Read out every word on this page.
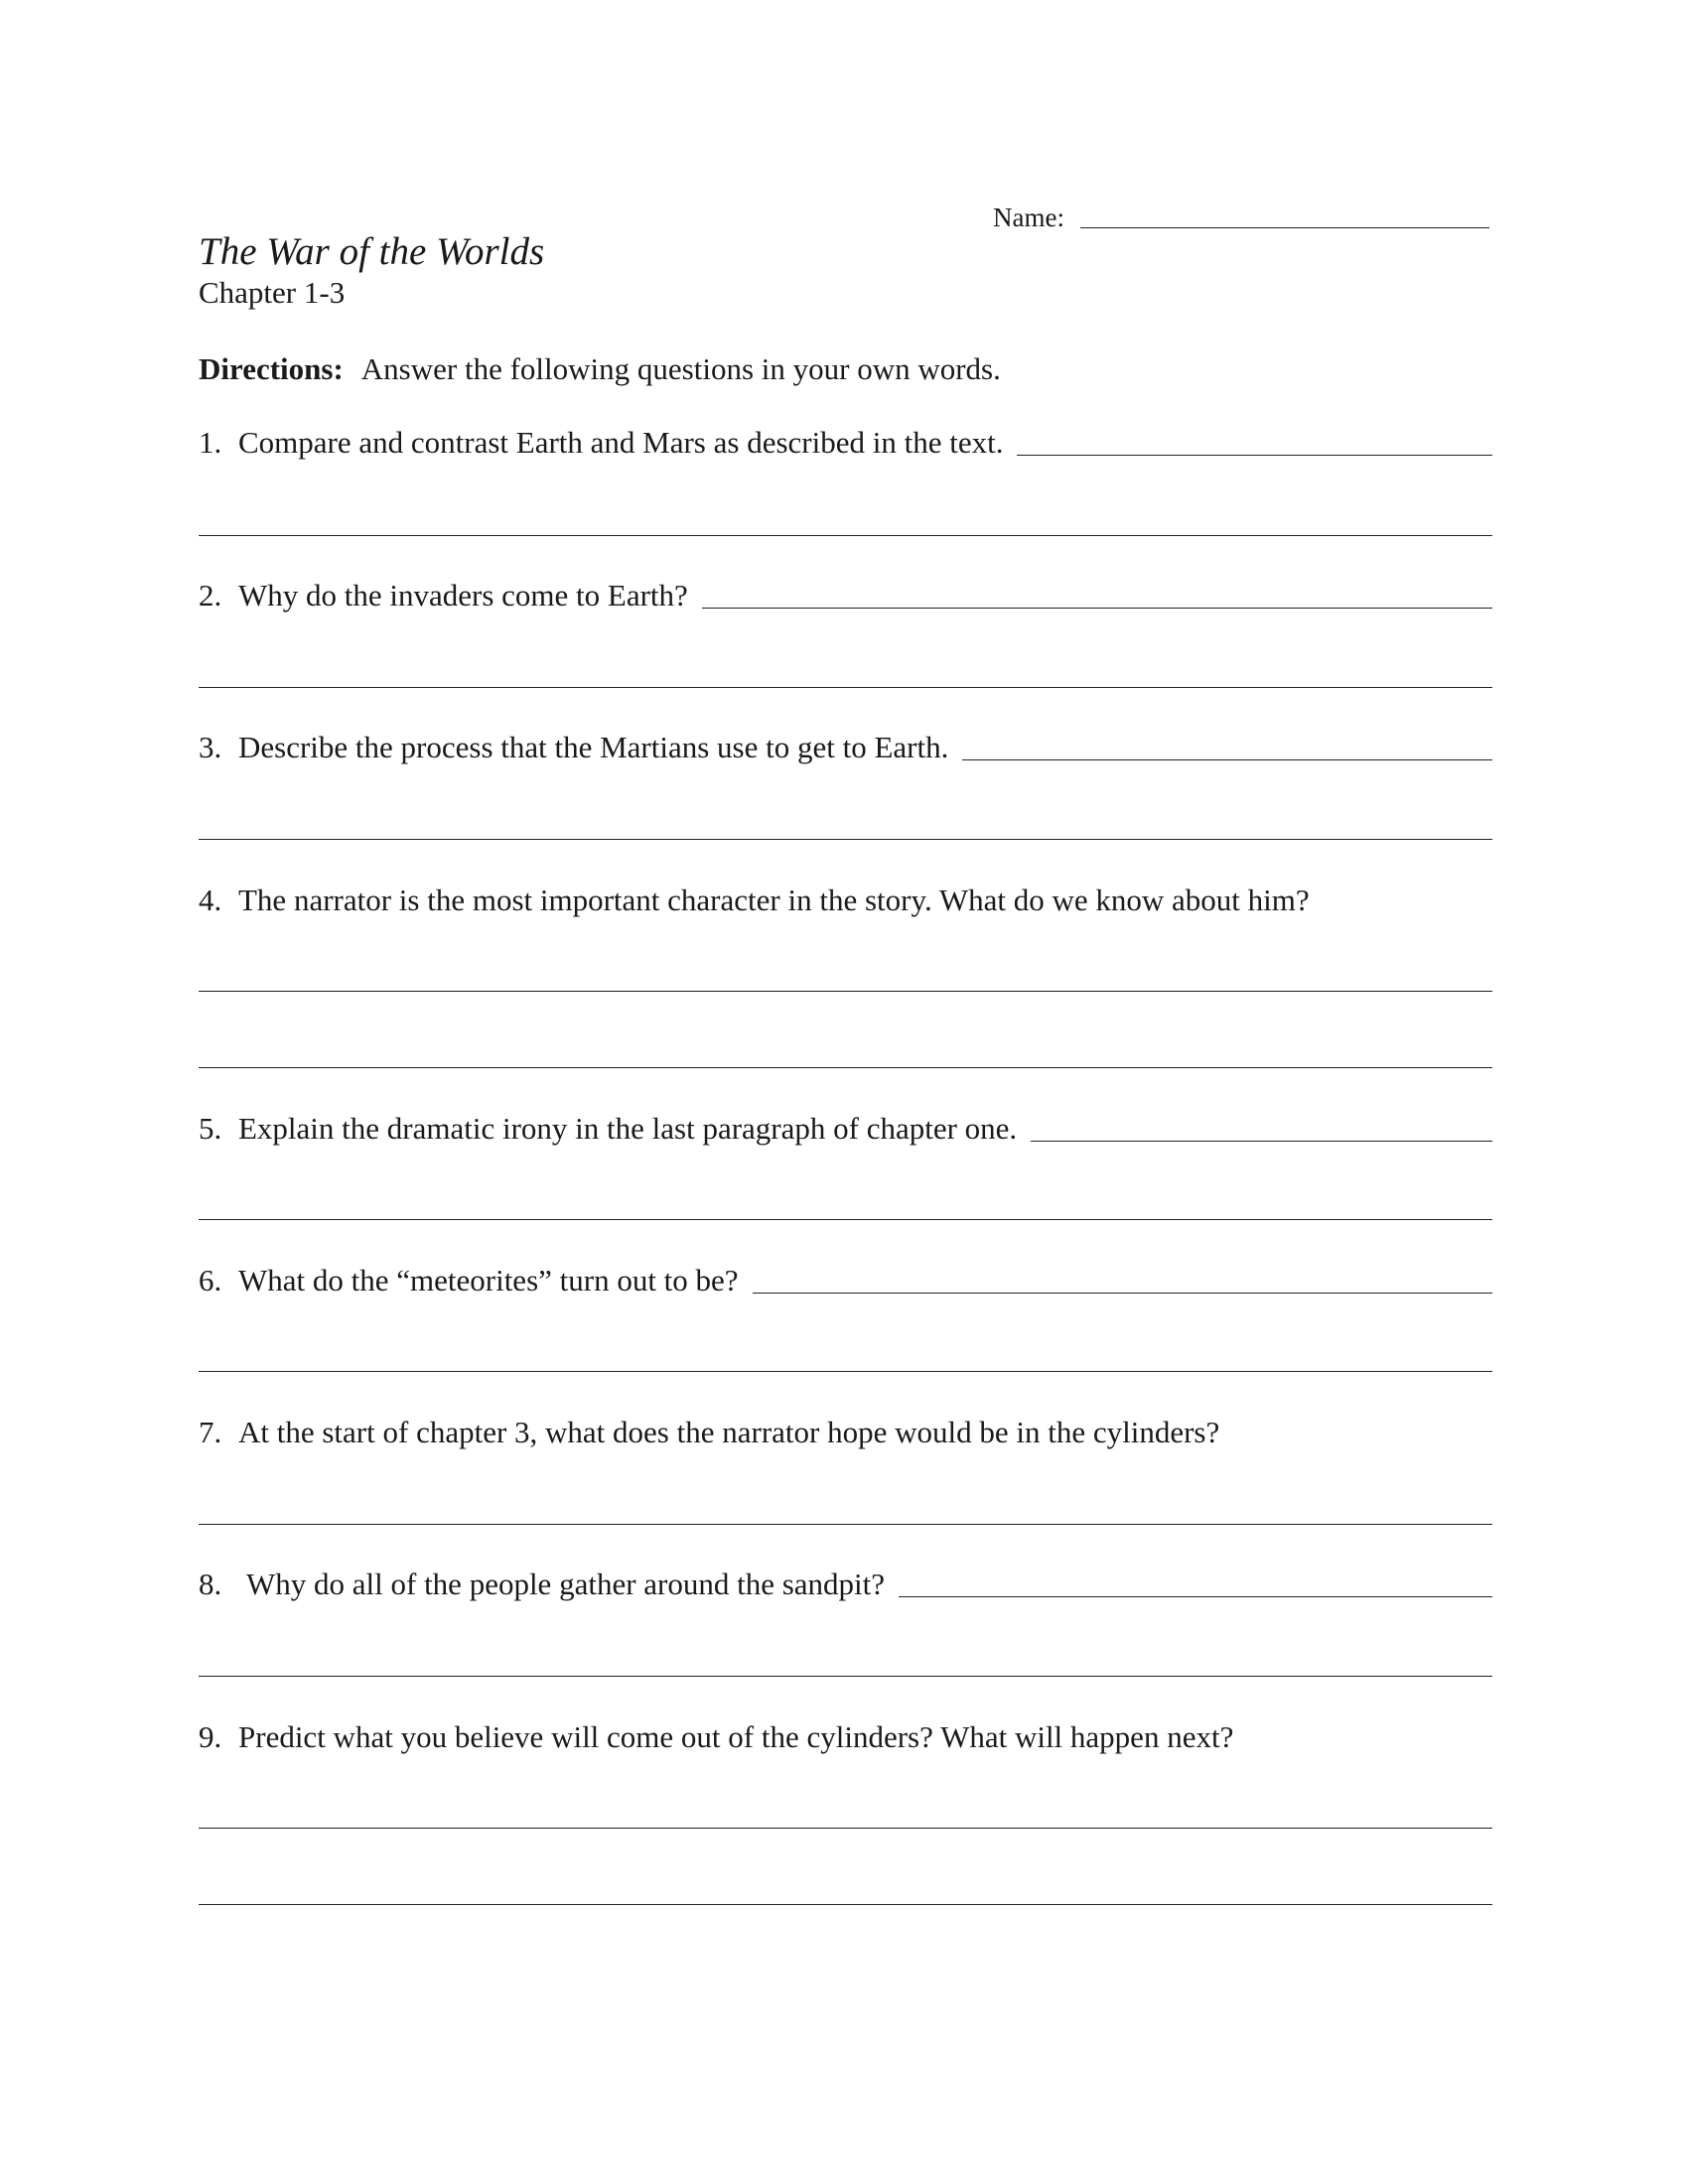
Name:
The War of the Worlds
Chapter 1-3
Directions: Answer the following questions in your own words.
1. Compare and contrast Earth and Mars as described in the text.
2. Why do the invaders come to Earth?
3. Describe the process that the Martians use to get to Earth.
4. The narrator is the most important character in the story. What do we know about him?
5. Explain the dramatic irony in the last paragraph of chapter one.
6. What do the “meteorites” turn out to be?
7. At the start of chapter 3, what does the narrator hope would be in the cylinders?
8. Why do all of the people gather around the sandpit?
9. Predict what you believe will come out of the cylinders? What will happen next?
